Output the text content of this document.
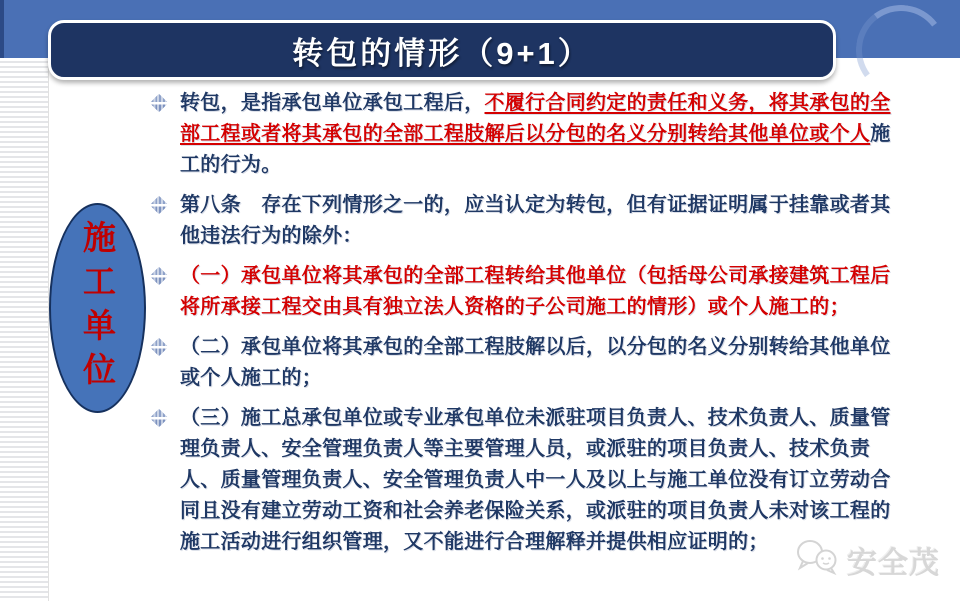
转包的情形（9+1）
施工单位
转包，是指承包单位承包工程后，不履行合同约定的责任和义务，将其承包的全部工程或者将其承包的全部工程肢解后以分包的名义分别转给其他单位或个人施工的行为。
第八条　存在下列情形之一的，应当认定为转包，但有证据证明属于挂靠或者其他违法行为的除外：
（一）承包单位将其承包的全部工程转给其他单位（包括母公司承接建筑工程后将所承接工程交由具有独立法人资格的子公司施工的情形）或个人施工的；
（二）承包单位将其承包的全部工程肢解以后，以分包的名义分别转给其他单位或个人施工的；
（三）施工总承包单位或专业承包单位未派驻项目负责人、技术负责人、质量管理负责人、安全管理负责人等主要管理人员，或派驻的项目负责人、技术负责人、质量管理负责人、安全管理负责人中一人及以上与施工单位没有订立劳动合同且没有建立劳动工资和社会养老保险关系，或派驻的项目负责人未对该工程的施工活动进行组织管理，又不能进行合理解释并提供相应证明的；
安全茂
